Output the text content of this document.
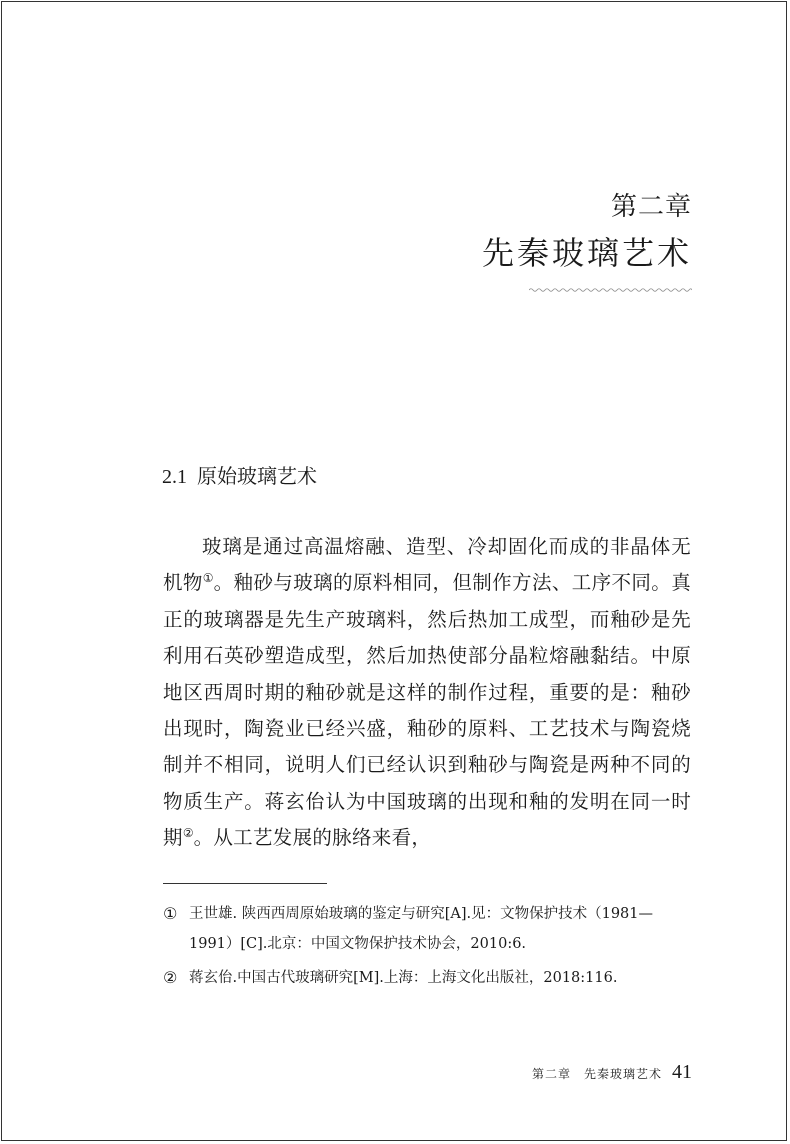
第二章
先秦玻璃艺术
2.1 原始玻璃艺术

玻璃是通过高温熔融、造型、冷却固化而成的非晶体无机物①。釉砂与玻璃的原料相同，但制作方法、工序不同。真正的玻璃器是先生产玻璃料，然后热加工成型，而釉砂是先利用石英砂塑造成型，然后加热使部分晶粒熔融黏结。中原地区西周时期的釉砂就是这样的制作过程，重要的是：釉砂出现时，陶瓷业已经兴盛，釉砂的原料、工艺技术与陶瓷烧制并不相同，说明人们已经认识到釉砂与陶瓷是两种不同的物质生产。蒋玄佁认为中国玻璃的出现和釉的发明在同一时期②。从工艺发展的脉络来看，

① 王世雄. 陕西西周原始玻璃的鉴定与研究[A].见：文物保护技术（1981—1991）[C].北京：中国文物保护技术协会，2010:6.
② 蒋玄佁.中国古代玻璃研究[M].上海：上海文化出版社，2018:116.
第二章　先秦玻璃艺术 41
